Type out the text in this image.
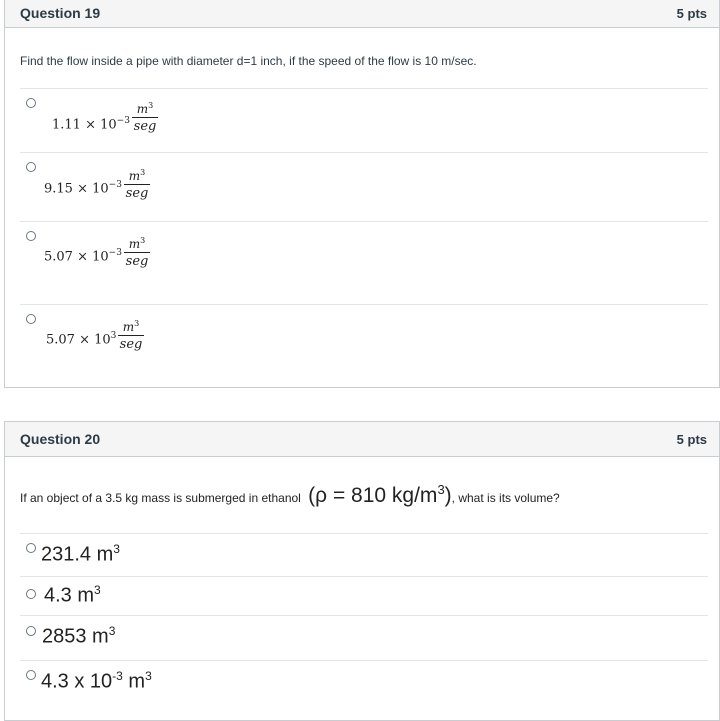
Question 19	5 pts
Find the flow inside a pipe with diameter d=1 inch, if the speed of the flow is 10 m/sec.
$1.11 \times 10^{-3}$
$m^3$
seg
$9.15 \times 10^{-3}$
$m^3$
seg
$5.07 \times 10^{-3}$
$m^3$
seg
$5.07 \times 10^3$
$m^3$
seg
Question 20	5 pts
If an object of a 3.5 kg mass is submerged in ethanol (ρ = 810 $kg/m^3$), what is its volume?
231.4 $m^3$
4.3 $m^3$
2853 $m^3$
4.3 x $10^{-3}$ $m^3$
